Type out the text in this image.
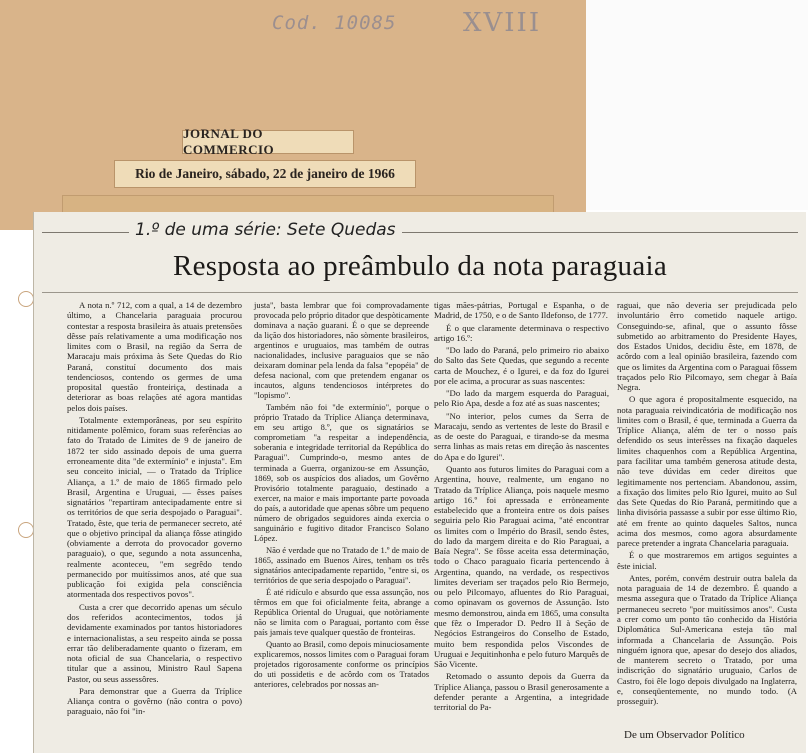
Cod. 10085	XVIII
JORNAL DO COMMERCIO
Rio de Janeiro, sábado, 22 de janeiro de 1966
1.º de uma série: Sete Quedas
Resposta ao preâmbulo da nota paraguaia

A nota n.º 712, com a qual, a 14 de dezembro último, a Chancelaria paraguaia procurou contestar a resposta brasileira às atuais pretensões dêsse país relativamente a uma modificação nos limites com o Brasil, na região da Serra de Maracaju mais próxima às Sete Quedas do Rio Paraná, constituí documento dos mais tendenciosos, contendo os germes de uma proposital questão fronteiriça, destinada a deteriorar as boas relações até agora mantidas pelos dois países.

Totalmente extemporâneas, por seu espírito nitidamente polêmico, foram suas referências ao fato do Tratado de Limites de 9 de janeiro de 1872 ter sido assinado depois de uma guerra erroneamente dita "de extermínio" e injusta". Em seu conceito inicial, — o Tratado da Tríplice Aliança, a 1.º de maio de 1865 firmado pelo Brasil, Argentina e Uruguai, — êsses países signatários "repartiram antecipadamente entre si os territórios de que seria despojado o Paraguai". Tratado, êste, que teria de permanecer secreto, até que o objetivo principal da aliança fôsse atingido (obviamente a derrota do provocador governo paraguaio), o que, segundo a nota assuncenha, realmente aconteceu, "em segrêdo tendo permanecido por muitíssimos anos, até que sua publicação foi exigida pela consciência atormentada dos respectivos povos".

Custa a crer que decorrido apenas um século dos referidos acontecimentos, todos já devidamente examinados por tantos historiadores e internacionalistas, a seu respeito ainda se possa errar tão deliberadamente quanto o fizeram, em nota oficial de sua Chancelaria, o respectivo titular que a assinou, Ministro Raul Sapena Pastor, ou seus assessôres.

Para demonstrar que a Guerra da Tríplice Aliança contra o govêrno (não contra o povo) paraguaio, não foi "in-

justa", basta lembrar que foi comprovadamente provocada pelo próprio ditador que despòticamente dominava a nação guarani. É o que se depreende da lição dos historiadores, não sòmente brasileiros, argentinos e uruguaios, mas também de outras nacionalidades, inclusive paraguaios que se não deixaram dominar pela lenda da falsa "epopéia" de defesa nacional, com que pretendem enganar os incautos, alguns tendenciosos intérpretes do "lopismo".

Também não foi "de extermínio", porque o próprio Tratado da Tríplice Aliança determinava, em seu artigo 8.º, que os signatários se comprometiam "a respeitar a independência, soberania e integridade territorial da República do Paraguai". Cumprindo-o, mesmo antes de terminada a Guerra, organizou-se em Assunção, 1869, sob os auspícios dos aliados, um Govêrno Provisório totalmente paraguaio, destinado a exercer, na maior e mais importante parte povoada do país, a autoridade que apenas sôbre um pequeno número de obrigados seguidores ainda exercia o sanguinário e fugitivo ditador Francisco Solano López.

Não é verdade que no Tratado de 1.º de maio de 1865, assinado em Buenos Aires, tenham os três signatários antecipadamente repartido, "entre si, os territórios de que seria despojado o Paraguai".

É até ridículo e absurdo que essa assunção, nos têrmos em que foi oficialmente feita, abrange a República Oriental do Uruguai, que notòriamente não se limita com o Paraguai, portanto com êsse país jamais teve qualquer questão de fronteiras.

Quanto ao Brasil, como depois minuciosamente explicaremos, nossos limites com o Paraguai foram projetados rigorosamente conforme os princípios do uti possidetis e de acôrdo com os Tratados anteriores, celebrados por nossas an-

tigas mães-pátrias, Portugal e Espanha, o de Madrid, de 1750, e o de Santo Ildefonso, de 1777.

É o que claramente determinava o respectivo artigo 16.º:

"Do lado do Paraná, pelo primeiro rio abaixo do Salto das Sete Quedas, que segundo a recente carta de Mouchez, é o Igurei, e da foz do Igurei por ele acima, a procurar as suas nascentes:

"Do lado da margem esquerda do Paraguai, pelo Rio Apa, desde a foz até as suas nascentes;

"No interior, pelos cumes da Serra de Maracaju, sendo as vertentes de leste do Brasil e as de oeste do Paraguai, e tirando-se da mesma serra linhas as mais retas em direção às nascentes do Apa e do Igurei".

Quanto aos futuros limites do Paraguai com a Argentina, houve, realmente, um engano no Tratado da Tríplice Aliança, pois naquele mesmo artigo 16.º foi apressada e erròneamente estabelecido que a fronteira entre os dois países seguiria pelo Rio Paraguai acima, "até encontrar os limites com o Império do Brasil, sendo êstes, do lado da margem direita e do Rio Paraguai, a Baía Negra". Se fôsse aceita essa determinação, todo o Chaco paraguaio ficaria pertencendo à Argentina, quando, na verdade, os respectivos limites deveriam ser traçados pelo Rio Bermejo, ou pelo Pilcomayo, afluentes do Rio Paraguai, como opinavam os governos de Assunção. Isto mesmo demonstrou, ainda em 1865, uma consulta que fêz o Imperador D. Pedro II à Seção de Negócios Estrangeiros do Conselho de Estado, muito bem respondida pelos Viscondes de Uruguai e Jequitinhonha e pelo futuro Marquês de São Vicente.

Retomado o assunto depois da Guerra da Tríplice Aliança, passou o Brasil generosamente a defender perante a Argentina, a integridade territorial do Pa-

raguai, que não deveria ser prejudicada pelo involuntário êrro cometido naquele artigo. Conseguindo-se, afinal, que o assunto fôsse submetido ao arbitramento do Presidente Hayes, dos Estados Unidos, decidiu êste, em 1878, de acôrdo com a leal opinião brasileira, fazendo com que os limites da Argentina com o Paraguai fôssem traçados pelo Rio Pilcomayo, sem chegar à Baía Negra.

O que agora é propositalmente esquecido, na nota paraguaia reivindicatória de modificação nos limites com o Brasil, é que, terminada a Guerra da Tríplice Aliança, além de ter o nosso país defendido os seus interêsses na fixação daqueles limites chaquenhos com a República Argentina, para facilitar uma também generosa atitude desta, não teve dúvidas em ceder direitos que legitimamente nos pertenciam. Abandonou, assim, a fixação dos limites pelo Rio Igurei, muito ao Sul das Sete Quedas do Rio Paraná, permitindo que a linha divisória passasse a subir por esse último Rio, até em frente ao quinto daqueles Saltos, nunca acima dos mesmos, como agora absurdamente parece pretender a ingrata Chancelaria paraguaia.

É o que mostraremos em artigos seguintes a êste inicial.

Antes, porém, convém destruir outra balela da nota paraguaia de 14 de dezembro. É quando a mesma assegura que o Tratado da Tríplice Aliança permaneceu secreto "por muitíssimos anos". Custa a crer como um ponto tão conhecido da História Diplomática Sul-Americana esteja tão mal informada a Chancelaria de Assunção. Pois ninguém ignora que, apesar do desejo dos aliados, de manterem secreto o Tratado, por uma indiscrição do signatário uruguaio, Carlos de Castro, foi êle logo depois divulgado na Inglaterra, e, conseqüentemente, no mundo todo. (A prosseguir).

De um Observador Político
